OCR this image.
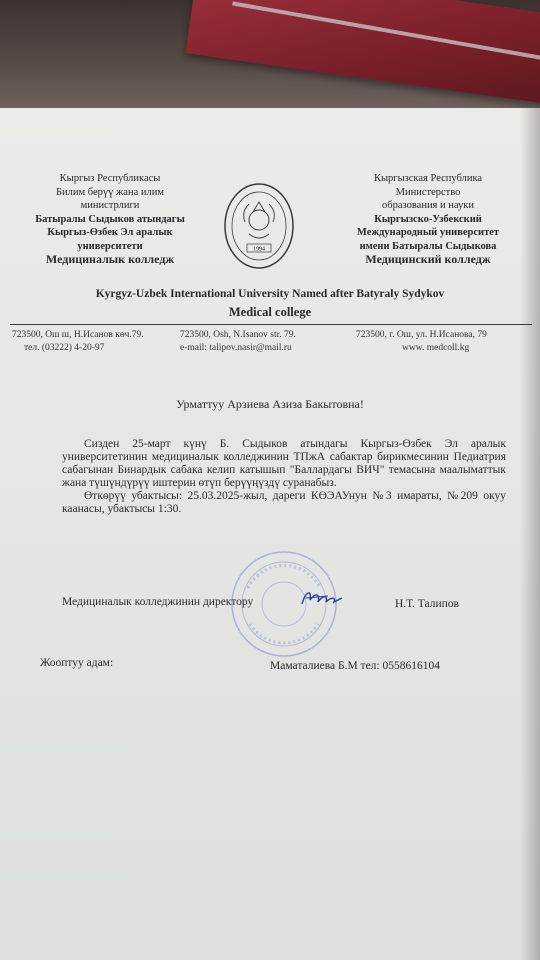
Кыргыз Республикасы
Билим берүү жана илим
министрлиги
Батыралы Сыдыков атындагы
Кыргыз-Өзбек Эл аралык
университети
Медициналык колледж
1994
Кыргызская Республика
Министерство
образования и науки
Кыргызско-Узбекский
Международный университет
имени Батыралы Сыдыкова
Медицинский колледж
Kyrgyz-Uzbek International University Named after Batyraly Sydykov
Medical college
723500, Ош ш, Н.Исанов көч.79.
тел. (03222) 4-20-97
723500, Osh, N.Isanov str. 79.
e-mail: talipov.nasir@mail.ru
723500, г. Ош, ул. Н.Исанова, 79
www. medcoll.kg
Урматтуу Арзиева Азиза Бакытовна!

Сизден 25-март күнү Б. Сыдыков атындагы Кыргыз-Өзбек Эл аралык университетинин медициналык колледжинин ТПжА сабактар бирикмесинин Педиатрия сабагынан Бинардык сабака келип катышып "Баллардагы ВИЧ" темасына маалыматтык жана түшүндүрүү иштерин өтүп берүүңүздү суранабыз.

Өткөрүү убактысы: 25.03.2025-жыл, дареги КӨЭАУнун №3 имараты, №209 окуу каанасы, убактысы 1:30.

Медициналык колледжинин директору	Н.Т. Талипов
Жооптуу адам:	Маматалиева Б.М тел: 0558616104
